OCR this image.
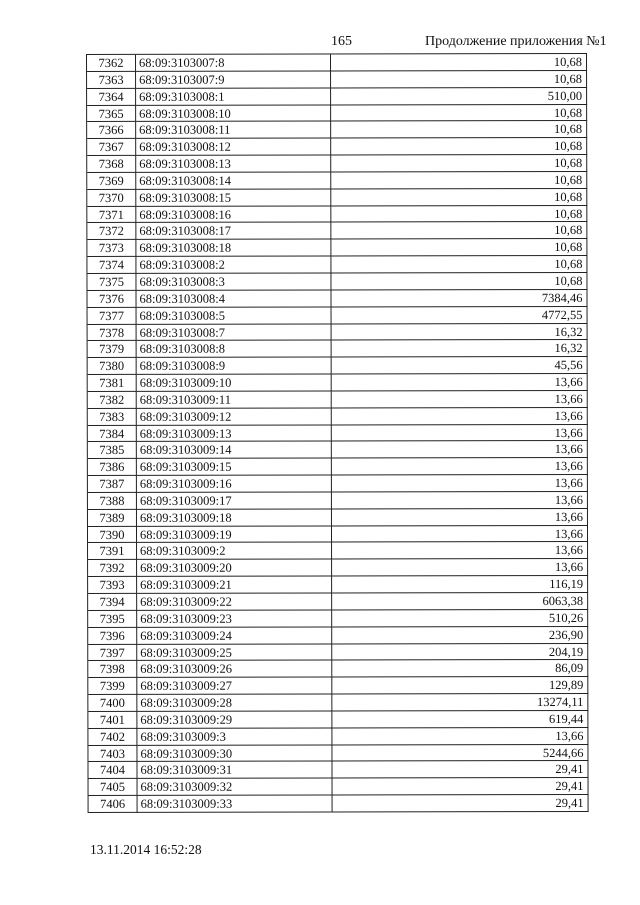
165	Продолжение приложения №1
7362	68:09:3103007:8	10,68
7363	68:09:3103007:9	10,68
7364	68:09:3103008:1	510,00
7365	68:09:3103008:10	10,68
7366	68:09:3103008:11	10,68
7367	68:09:3103008:12	10,68
7368	68:09:3103008:13	10,68
7369	68:09:3103008:14	10,68
7370	68:09:3103008:15	10,68
7371	68:09:3103008:16	10,68
7372	68:09:3103008:17	10,68
7373	68:09:3103008:18	10,68
7374	68:09:3103008:2	10,68
7375	68:09:3103008:3	10,68
7376	68:09:3103008:4	7384,46
7377	68:09:3103008:5	4772,55
7378	68:09:3103008:7	16,32
7379	68:09:3103008:8	16,32
7380	68:09:3103008:9	45,56
7381	68:09:3103009:10	13,66
7382	68:09:3103009:11	13,66
7383	68:09:3103009:12	13,66
7384	68:09:3103009:13	13,66
7385	68:09:3103009:14	13,66
7386	68:09:3103009:15	13,66
7387	68:09:3103009:16	13,66
7388	68:09:3103009:17	13,66
7389	68:09:3103009:18	13,66
7390	68:09:3103009:19	13,66
7391	68:09:3103009:2	13,66
7392	68:09:3103009:20	13,66
7393	68:09:3103009:21	116,19
7394	68:09:3103009:22	6063,38
7395	68:09:3103009:23	510,26
7396	68:09:3103009:24	236,90
7397	68:09:3103009:25	204,19
7398	68:09:3103009:26	86,09
7399	68:09:3103009:27	129,89
7400	68:09:3103009:28	13274,11
7401	68:09:3103009:29	619,44
7402	68:09:3103009:3	13,66
7403	68:09:3103009:30	5244,66
7404	68:09:3103009:31	29,41
7405	68:09:3103009:32	29,41
7406	68:09:3103009:33	29,41
13.11.2014 16:52:28
